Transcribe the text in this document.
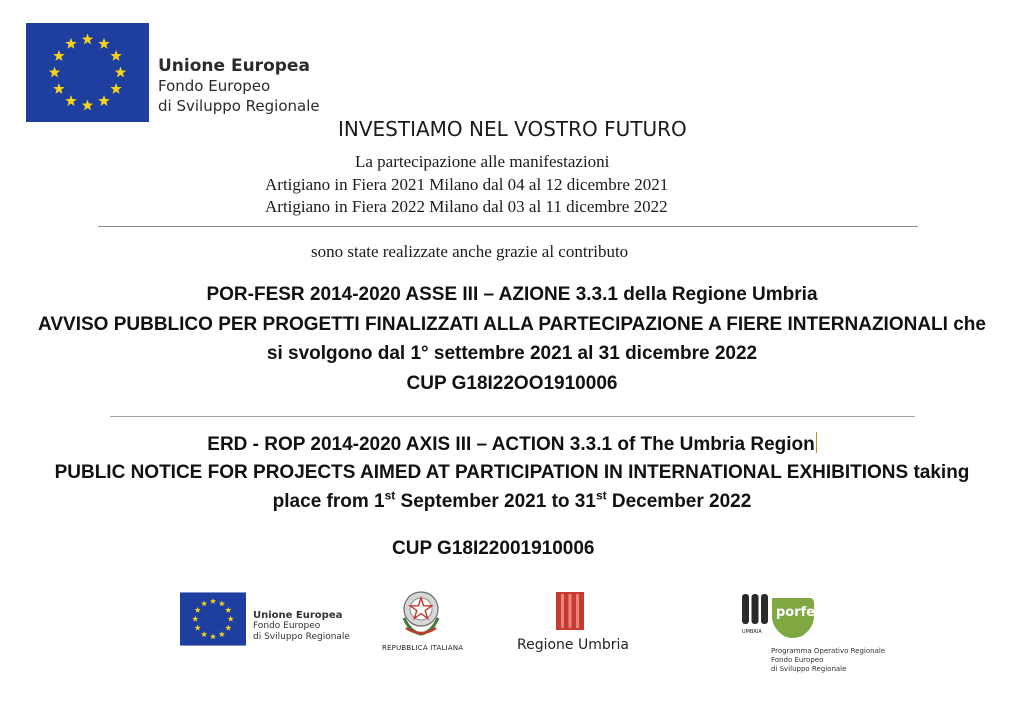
Unione Europea
Fondo Europeo
di Sviluppo Regionale
INVESTIAMO NEL VOSTRO FUTURO
La partecipazione alle manifestazioni
Artigiano in Fiera 2021 Milano dal 04 al 12 dicembre 2021
Artigiano in Fiera 2022 Milano dal 03 al 11 dicembre 2022
sono state realizzate anche grazie al contributo
POR-FESR 2014-2020 ASSE III – AZIONE 3.3.1 della Regione Umbria
AVVISO PUBBLICO PER PROGETTI FINALIZZATI ALLA PARTECIPAZIONE A FIERE INTERNAZIONALI che
si svolgono dal 1° settembre 2021 al 31 dicembre 2022
CUP G18I22OO1910006
ERD - ROP 2014-2020 AXIS III – ACTION 3.3.1 of The Umbria Region
PUBLIC NOTICE FOR PROJECTS AIMED AT PARTICIPATION IN INTERNATIONAL EXHIBITIONS taking
place from 1st September 2021 to 31st December 2022
CUP G18I22001910006
Unione Europea
Fondo Europeo
di Sviluppo Regionale
REPUBBLICA ITALIANA	Regione Umbria
UMBRIA
porfesr
Programma Operativo Regionale
Fondo Europeo
di Sviluppo Regionale
